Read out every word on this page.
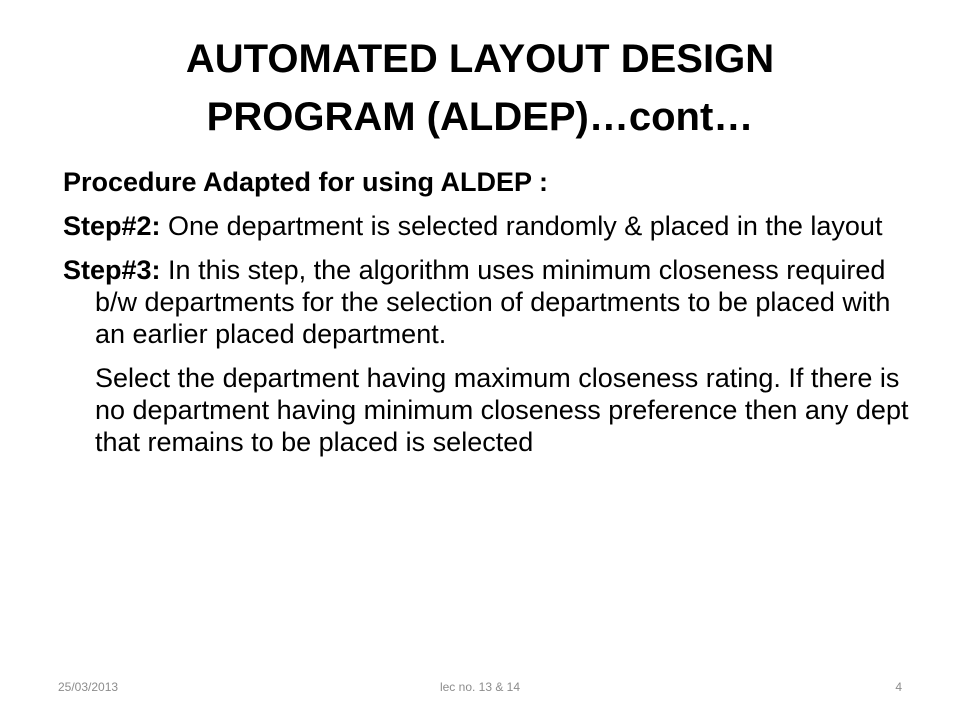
AUTOMATED LAYOUT DESIGN
PROGRAM (ALDEP)…cont…

Procedure Adapted for using ALDEP :

Step#2: One department is selected randomly & placed in the layout

Step#3: In this step, the algorithm uses minimum closeness required b/w departments for the selection of departments to be placed with an earlier placed department.

Select the department having maximum closeness rating. If there is no department having minimum closeness preference then any dept that remains to be placed is selected

25/03/2013	lec no. 13 & 14	4
